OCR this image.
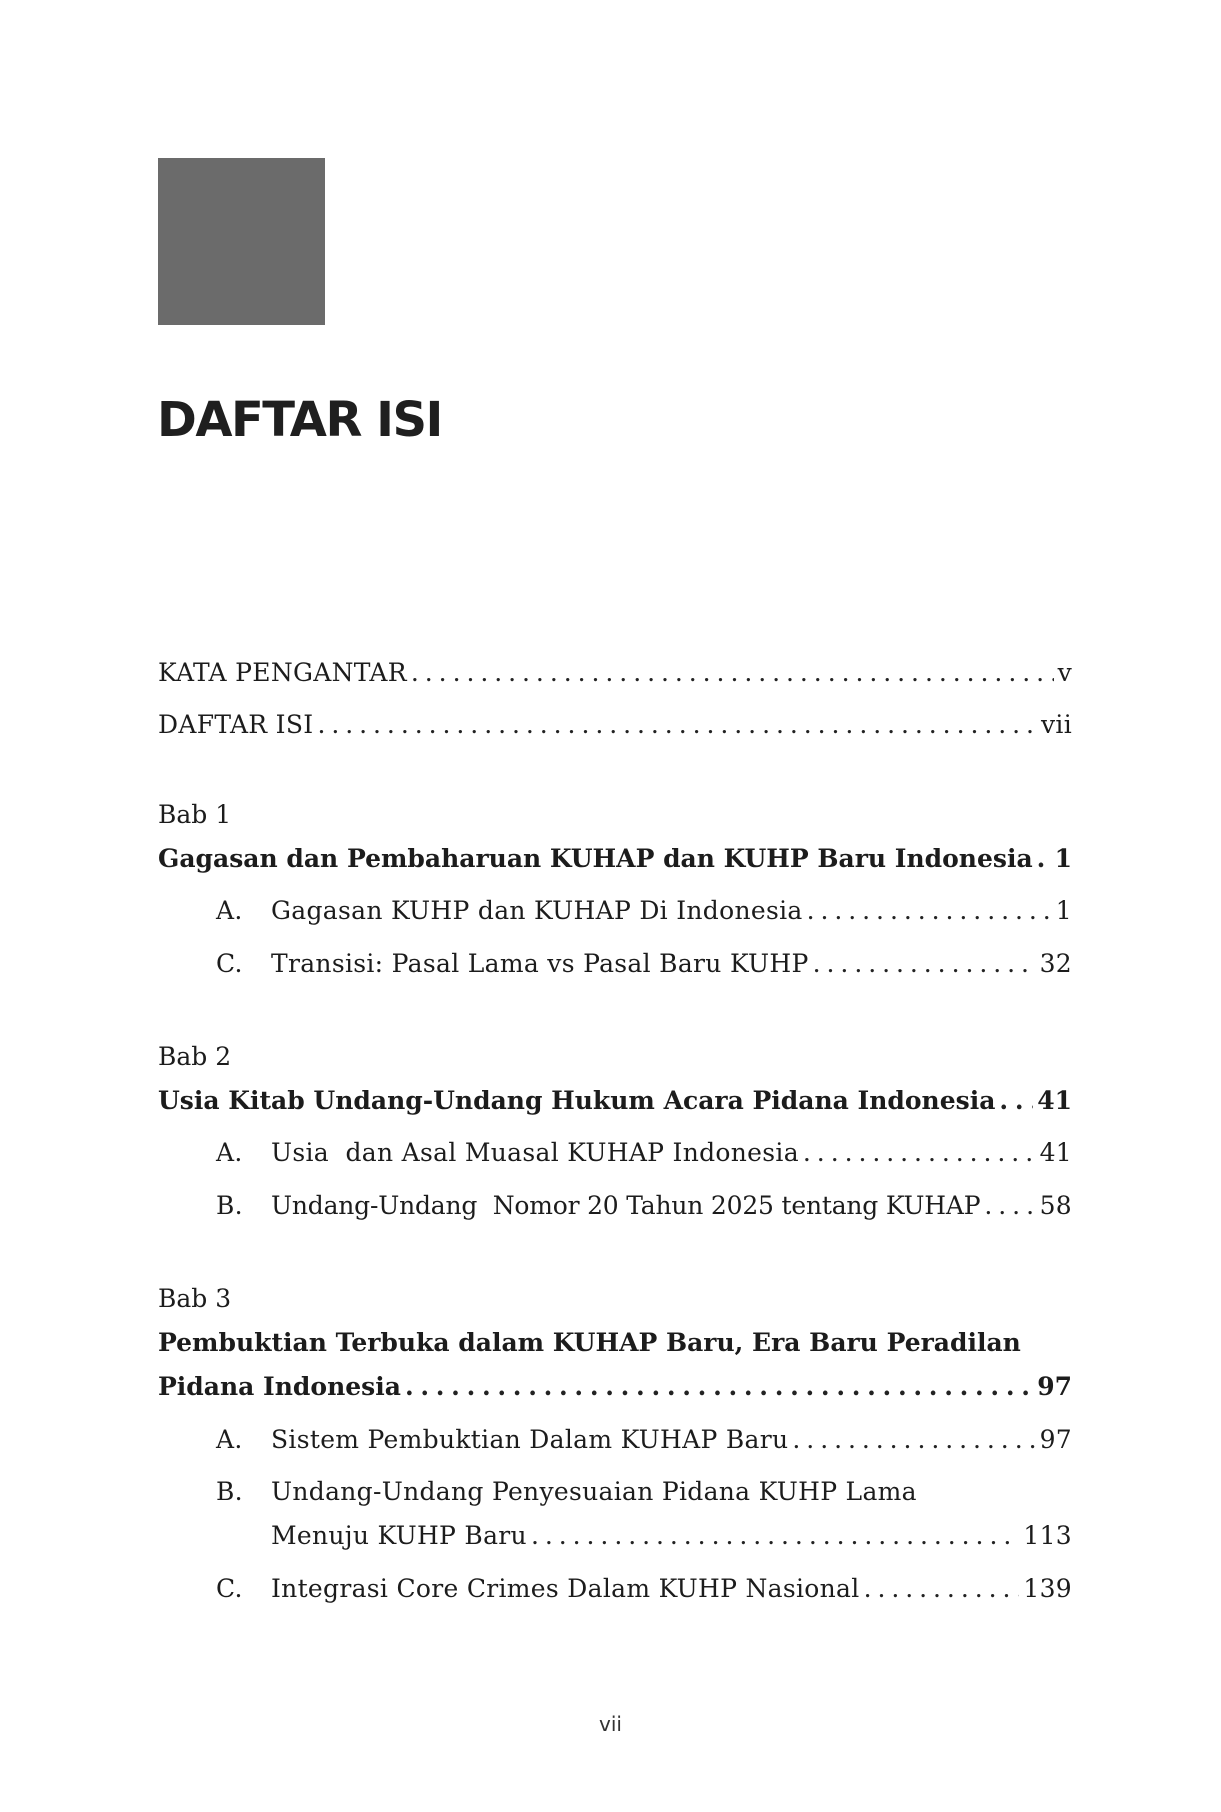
DAFTAR ISI
KATA PENGANTAR . . .	v
DAFTAR ISI . . .	vii
Bab 1
Gagasan dan Pembaharuan KUHAP dan KUHP Baru Indonesia . . . 1
A.	Gagasan KUHP dan KUHAP Di Indonesia . . .	1
C.	Transisi: Pasal Lama vs Pasal Baru KUHP . . .	32
Bab 2
Usia Kitab Undang-Undang Hukum Acara Pidana Indonesia . . . 41
A.	Usia  dan Asal Muasal KUHAP Indonesia . . .	41
B.	Undang-Undang  Nomor 20 Tahun 2025 tentang KUHAP . . . 58
Bab 3
Pembuktian Terbuka dalam KUHAP Baru, Era Baru Peradilan
Pidana Indonesia . . .	97
A.	Sistem Pembuktian Dalam KUHAP Baru . . .	97
B.	Undang-Undang Penyesuaian Pidana KUHP Lama
Menuju KUHP Baru . . .	113
C.	Integrasi Core Crimes Dalam KUHP Nasional . . .	139
vii
